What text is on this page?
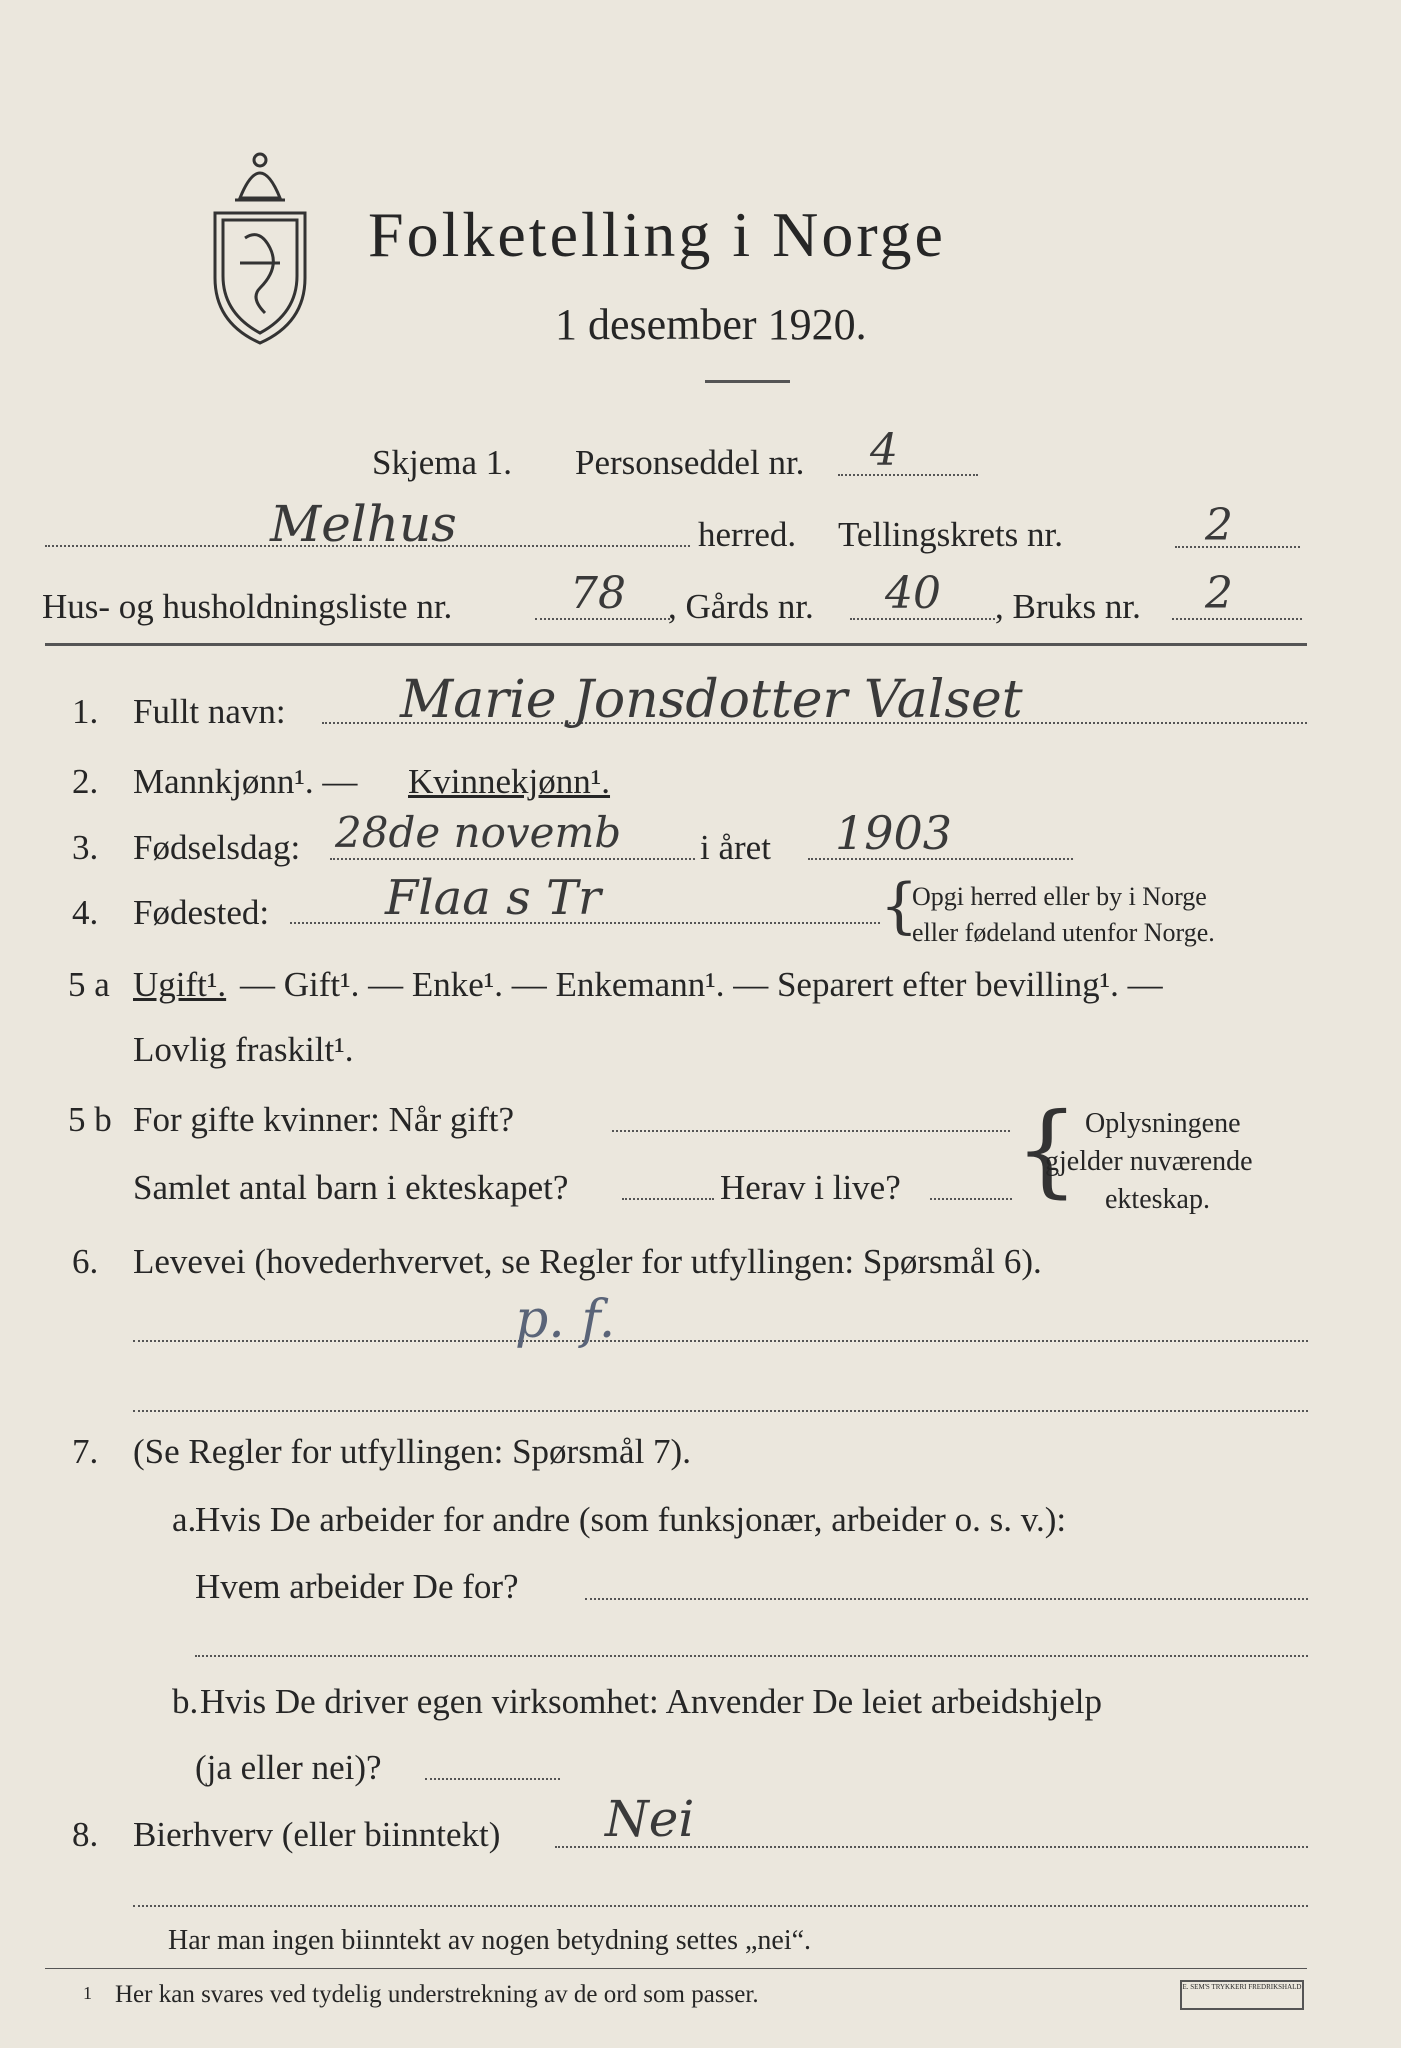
Folketelling i Norge
1 desember 1920.
Skjema 1. Personseddel nr. 4
Melhus	herred. Tellingskrets nr.	2
Hus- og husholdningsliste nr.	78 , Gårds nr. 40 , Bruks nr. 2
1. Fullt navn: Marie Jonsdotter Valset
2. Mannkjønn¹. — Kvinnekjønn¹.
3. Fødselsdag: 28de novemb i året 1903
4. Fødested: Flaa s Tr	{
Opgi herred eller by i Norge
eller fødeland utenfor Norge.
5 a Ugift¹. — Gift¹. — Enke¹. — Enkemann¹. — Separert efter bevilling¹. —
Lovlig fraskilt¹.
5 b For gifte kvinner: Når gift?
Samlet antal barn i ekteskapet?	Herav i live? { Oplysningene
gjelder nuværende
ekteskap.
6. Levevei (hovederhvervet, se Regler for utfyllingen: Spørsmål 6).
p. f.
7. (Se Regler for utfyllingen: Spørsmål 7).
a.
Hvis De arbeider for andre (som funksjonær, arbeider o. s. v.):
Hvem arbeider De for?
b. Hvis De driver egen virksomhet: Anvender De leiet arbeidshjelp
(ja eller nei)?
8. Bierhverv (eller biinntekt) Nei
Har man ingen biinntekt av nogen betydning settes „nei“.
1 Her kan svares ved tydelig understrekning av de ord som passer.	E. SEM'S TRYKKERI FREDRIKSHALD
